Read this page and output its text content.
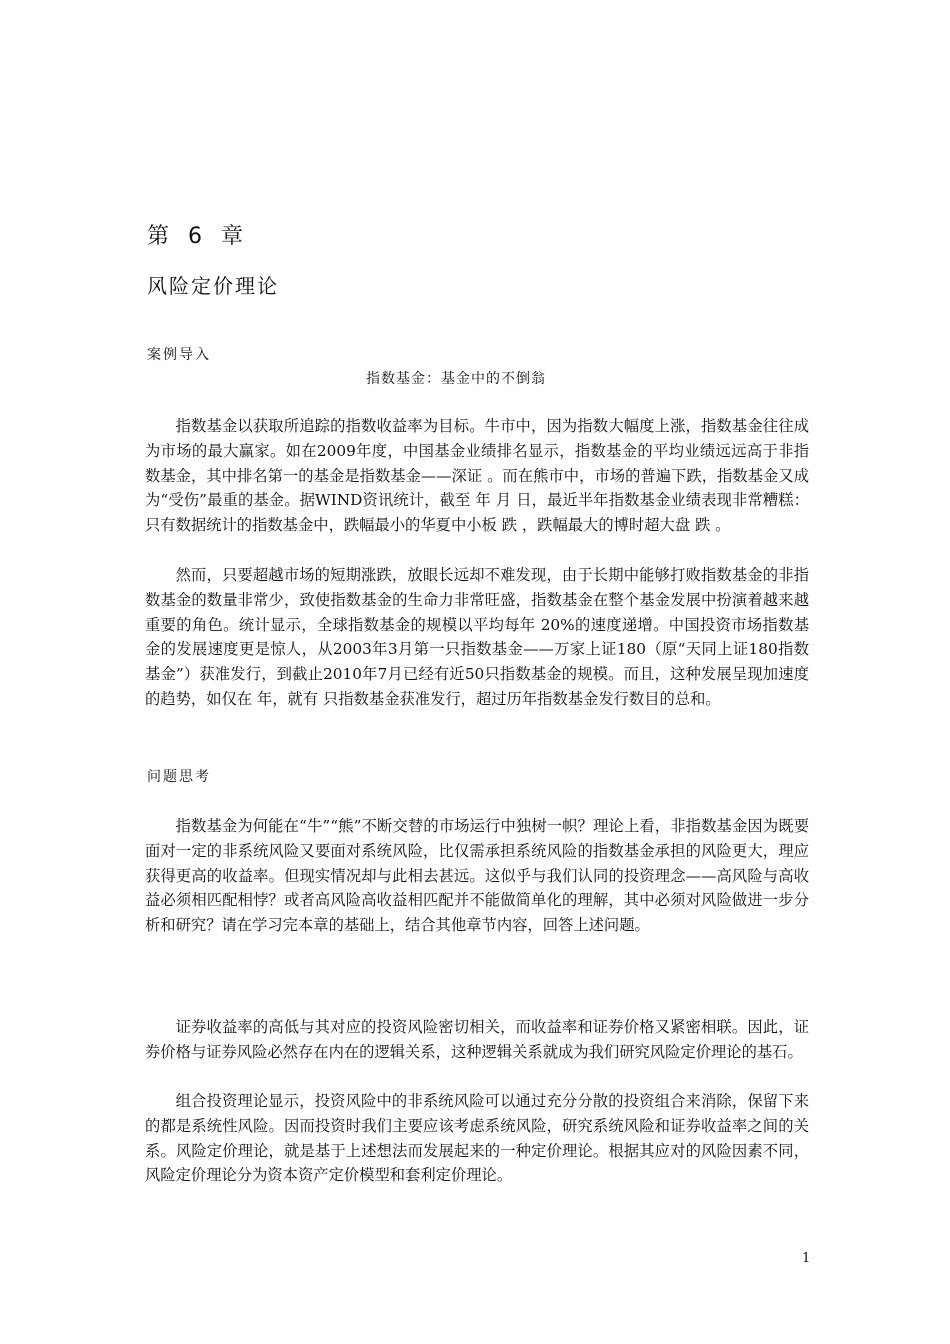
第 6 章
风险定价理论
案例导入
指数基金：基金中的不倒翁

指数基金以获取所追踪的指数收益率为目标。牛市中，因为指数大幅度上涨，指数基金往往成为市场的最大赢家。如在2009年度，中国基金业绩排名显示，指数基金的平均业绩远远高于非指数基金，其中排名第一的基金是指数基金——深证 。而在熊市中，市场的普遍下跌，指数基金又成为“受伤”最重的基金。据WIND资讯统计，截至 年 月 日，最近半年指数基金业绩表现非常糟糕： 只有数据统计的指数基金中，跌幅最小的华夏中小板 跌 ，跌幅最大的博时超大盘 跌 。

然而，只要超越市场的短期涨跌，放眼长远却不难发现，由于长期中能够打败指数基金的非指数基金的数量非常少，致使指数基金的生命力非常旺盛，指数基金在整个基金发展中扮演着越来越重要的角色。统计显示，全球指数基金的规模以平均每年 20%的速度递增。中国投资市场指数基金的发展速度更是惊人，从2003年3月第一只指数基金——万家上证180（原“天同上证180指数基金”）获准发行，到截止2010年7月已经有近50只指数基金的规模。而且，这种发展呈现加速度的趋势，如仅在 年，就有 只指数基金获准发行，超过历年指数基金发行数目的总和。

问题思考

指数基金为何能在“牛”“熊”不断交替的市场运行中独树一帜？理论上看，非指数基金因为既要面对一定的非系统风险又要面对系统风险，比仅需承担系统风险的指数基金承担的风险更大，理应获得更高的收益率。但现实情况却与此相去甚远。这似乎与我们认同的投资理念——高风险与高收益必须相匹配相悖？或者高风险高收益相匹配并不能做简单化的理解，其中必须对风险做进一步分析和研究？请在学习完本章的基础上，结合其他章节内容，回答上述问题。

证券收益率的高低与其对应的投资风险密切相关，而收益率和证券价格又紧密相联。因此，证券价格与证券风险必然存在内在的逻辑关系，这种逻辑关系就成为我们研究风险定价理论的基石。

组合投资理论显示，投资风险中的非系统风险可以通过充分分散的投资组合来消除，保留下来的都是系统性风险。因而投资时我们主要应该考虑系统风险，研究系统风险和证券收益率之间的关系。风险定价理论，就是基于上述想法而发展起来的一种定价理论。根据其应对的风险因素不同，风险定价理论分为资本资产定价模型和套利定价理论。

1
